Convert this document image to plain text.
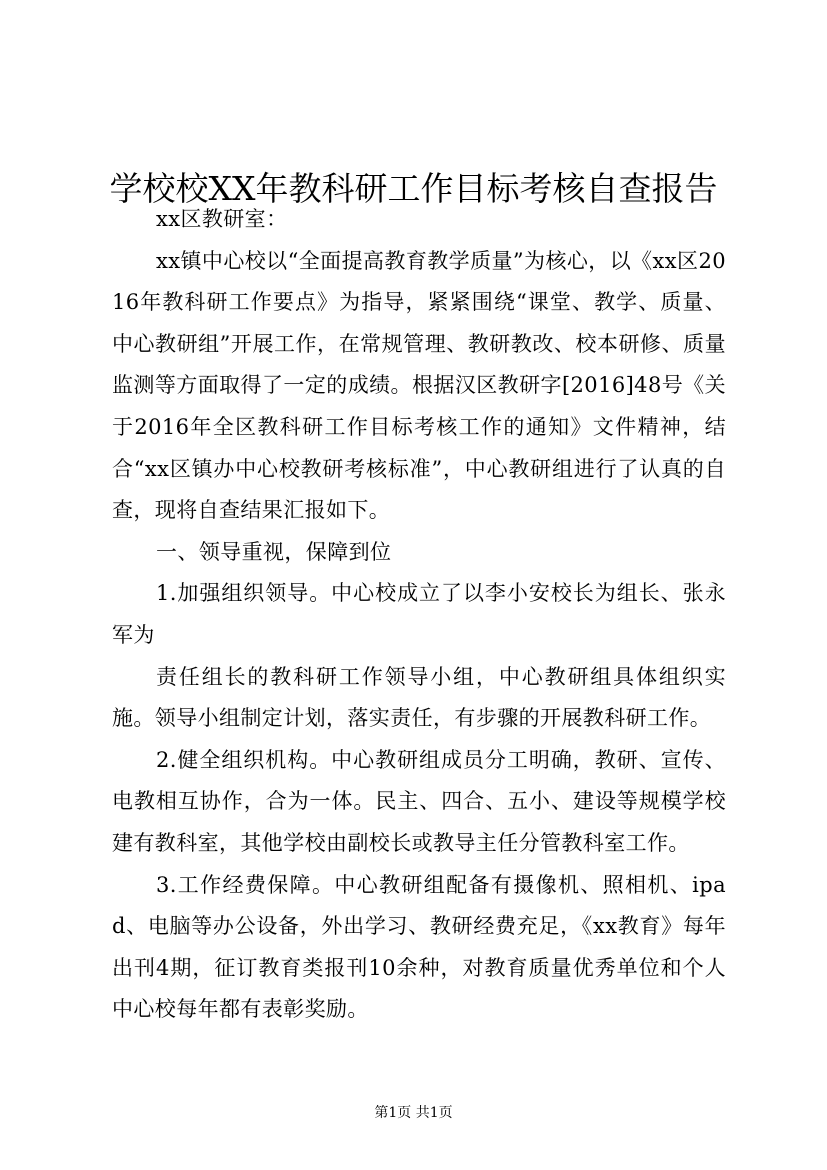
学校校XX年教科研工作目标考核自查报告

xx区教研室：

xx镇中心校以“全面提高教育教学质量”为核心，以《xx区2016年教科研工作要点》为指导，紧紧围绕“课堂、教学、质量、中心教研组”开展工作，在常规管理、教研教改、校本研修、质量监测等方面取得了一定的成绩。根据汉区教研字[2016]48号《关于2016年全区教科研工作目标考核工作的通知》文件精神，结合“xx区镇办中心校教研考核标准”，中心教研组进行了认真的自查，现将自查结果汇报如下。

一、领导重视，保障到位

1.加强组织领导。中心校成立了以李小安校长为组长、张永军为

责任组长的教科研工作领导小组，中心教研组具体组织实施。领导小组制定计划，落实责任，有步骤的开展教科研工作。

2.健全组织机构。中心教研组成员分工明确，教研、宣传、电教相互协作，合为一体。民主、四合、五小、建设等规模学校建有教科室，其他学校由副校长或教导主任分管教科室工作。

3.工作经费保障。中心教研组配备有摄像机、照相机、ipad、电脑等办公设备，外出学习、教研经费充足，《xx教育》每年出刊4期，征订教育类报刊10余种，对教育质量优秀单位和个人中心校每年都有表彰奖励。

第1页 共1页
